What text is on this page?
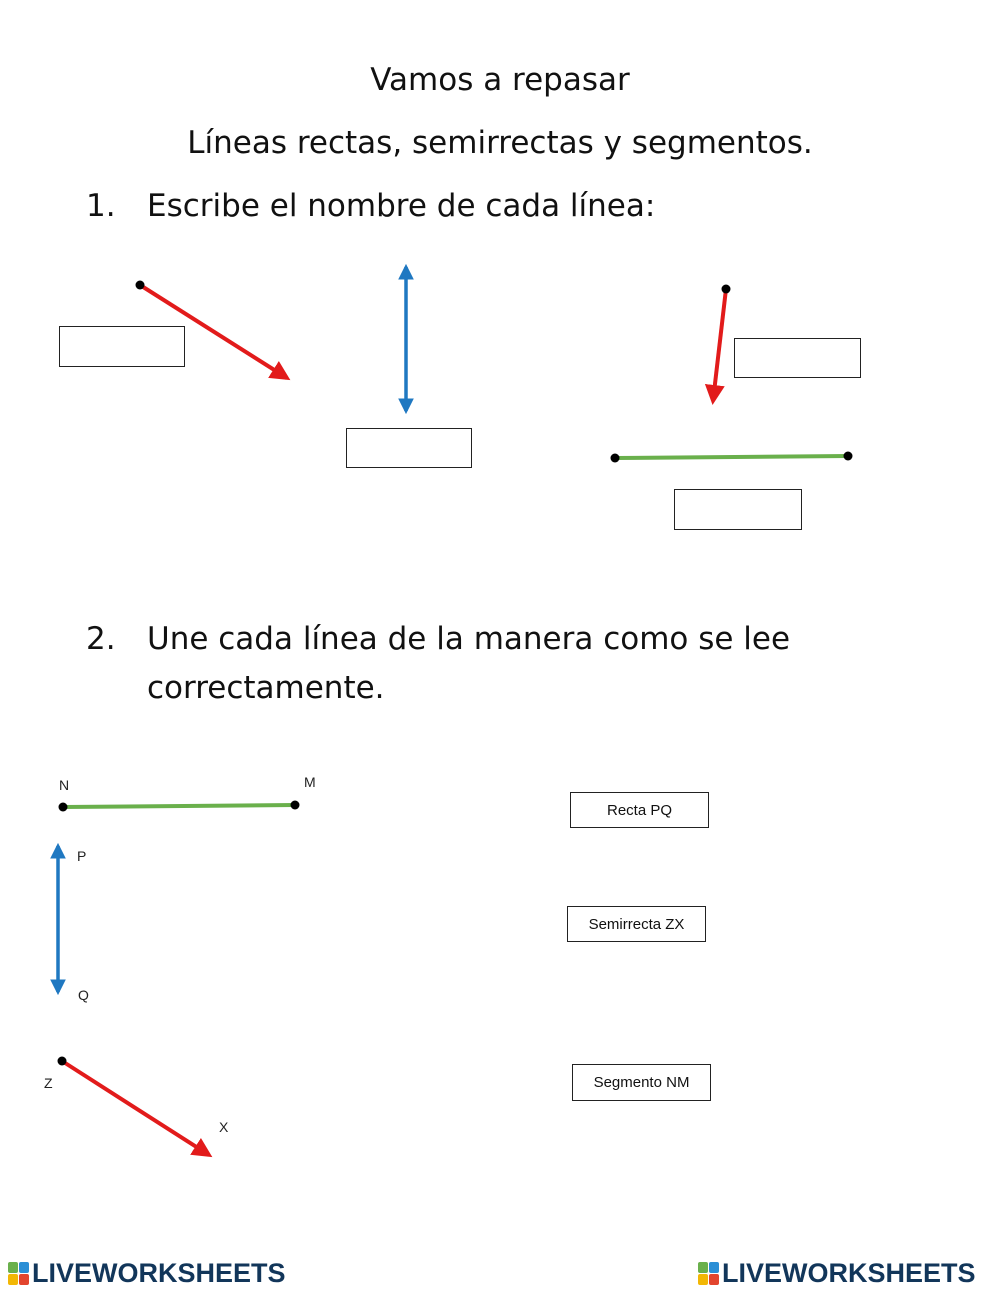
Vamos a repasar
Líneas rectas, semirrectas y segmentos.
1. Escribe el nombre de cada línea:
2. Une cada línea de la manera como se lee
correctamente.
N	M
P
Q
Z
X
Recta PQ
Semirrecta ZX
Segmento NM
LIVEWORKSHEETS	LIVEWORKSHEETS
